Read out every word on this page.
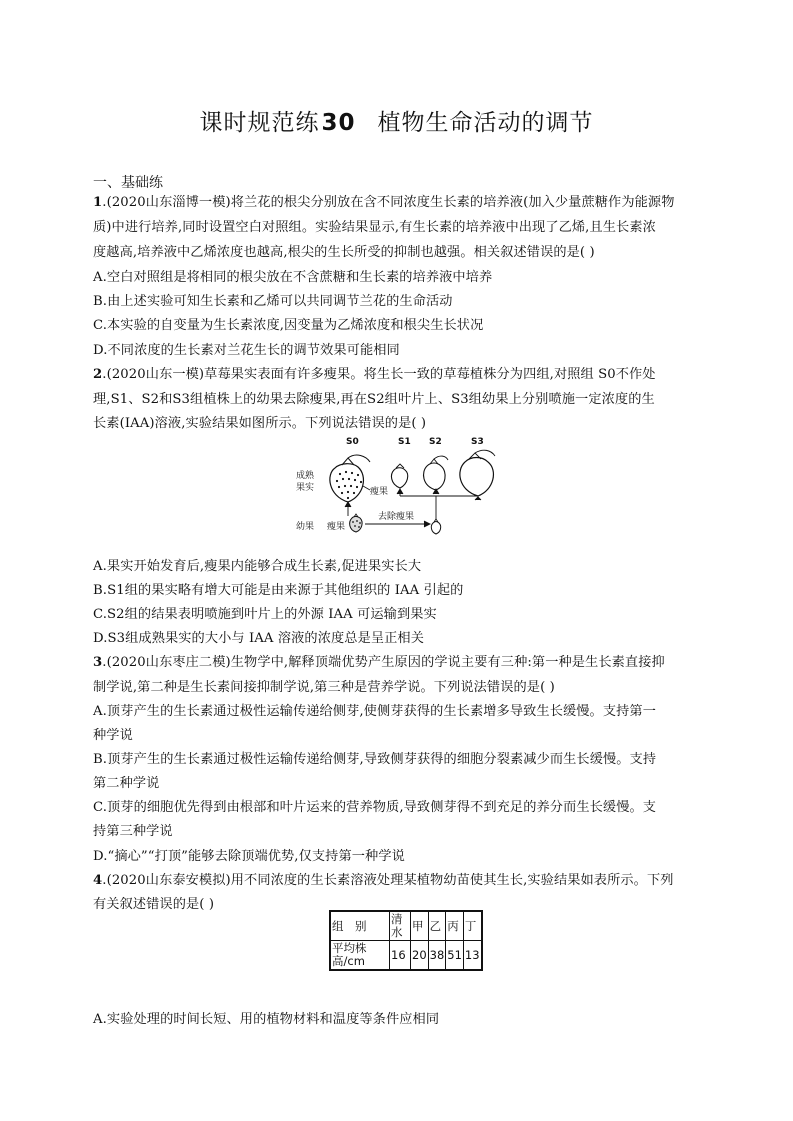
课时规范练30 植物生命活动的调节
一、基础练
1.(2020山东淄博一模)将兰花的根尖分别放在含不同浓度生长素的培养液(加入少量蔗糖作为能源物
质)中进行培养,同时设置空白对照组。实验结果显示,有生长素的培养液中出现了乙烯,且生长素浓
度越高,培养液中乙烯浓度也越高,根尖的生长所受的抑制也越强。相关叙述错误的是( )
A.空白对照组是将相同的根尖放在不含蔗糖和生长素的培养液中培养
B.由上述实验可知生长素和乙烯可以共同调节兰花的生命活动
C.本实验的自变量为生长素浓度,因变量为乙烯浓度和根尖生长状况
D.不同浓度的生长素对兰花生长的调节效果可能相同
2.(2020山东一模)草莓果实表面有许多瘦果。将生长一致的草莓植株分为四组,对照组 S0不作处
理,S1、S2和S3组植株上的幼果去除瘦果,再在S2组叶片上、S3组幼果上分别喷施一定浓度的生
长素(IAA)溶液,实验结果如图所示。下列说法错误的是( )
S0	S1 S2	S3
成熟
果实
幼果
瘦果
瘦果
去除瘦果
A.果实开始发育后,瘦果内能够合成生长素,促进果实长大
B.S1组的果实略有增大可能是由来源于其他组织的 IAA 引起的
C.S2组的结果表明喷施到叶片上的外源 IAA 可运输到果实
D.S3组成熟果实的大小与 IAA 溶液的浓度总是呈正相关
3.(2020山东枣庄二模)生物学中,解释顶端优势产生原因的学说主要有三种:第一种是生长素直接抑
制学说,第二种是生长素间接抑制学说,第三种是营养学说。下列说法错误的是( )
A.顶芽产生的生长素通过极性运输传递给侧芽,使侧芽获得的生长素增多导致生长缓慢。支持第一
种学说
B.顶芽产生的生长素通过极性运输传递给侧芽,导致侧芽获得的细胞分裂素减少而生长缓慢。支持
第二种学说
C.顶芽的细胞优先得到由根部和叶片运来的营养物质,导致侧芽得不到充足的养分而生长缓慢。支
持第三种学说
D.“摘心”“打顶”能够去除顶端优势,仅支持第一种学说
4.(2020山东泰安模拟)用不同浓度的生长素溶液处理某植物幼苗使其生长,实验结果如表所示。下列
有关叙述错误的是( )
组　别	清水	甲	乙	丙	丁
平均株高/cm	16	20	38	51	13
A.实验处理的时间长短、用的植物材料和温度等条件应相同
